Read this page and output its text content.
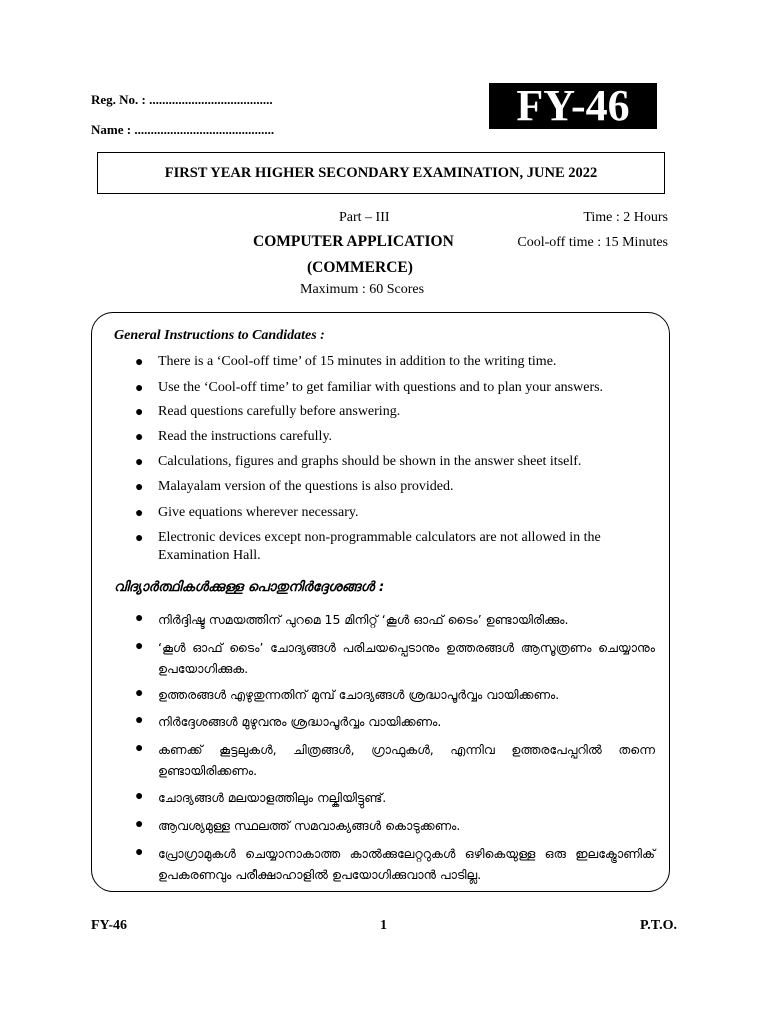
Reg. No. : ......................................
Name : ...........................................	FY-46
FIRST YEAR HIGHER SECONDARY EXAMINATION, JUNE 2022
Part – III	Time : 2 Hours
COMPUTER APPLICATION	Cool-off time : 15 Minutes
(COMMERCE)
Maximum : 60 Scores
General Instructions to Candidates :
● There is a ‘Cool-off time’ of 15 minutes in addition to the writing time.
● Use the ‘Cool-off time’ to get familiar with questions and to plan your answers.
● Read questions carefully before answering.
● Read the instructions carefully.
● Calculations, figures and graphs should be shown in the answer sheet itself.
● Malayalam version of the questions is also provided.
● Give equations wherever necessary.
● Electronic devices except non-programmable calculators are not allowed in the Examination Hall.
വിദ്യാർത്ഥികൾക്കുള്ള പൊതുനിർദ്ദേശങ്ങൾ :
● നിർദ്ദിഷ്ട സമയത്തിന് പുറമെ 15 മിനിറ്റ് ‘കൂൾ ഓഫ് ടൈം’ ഉണ്ടായിരിക്കും.
● ‘കൂൾ ഓഫ് ടൈം’ ചോദ്യങ്ങൾ പരിചയപ്പെടാനും ഉത്തരങ്ങൾ ആസൂത്രണം ചെയ്യാനും ഉപയോഗിക്കുക.
● ഉത്തരങ്ങൾ എഴുതുന്നതിന് മുമ്പ് ചോദ്യങ്ങൾ ശ്രദ്ധാപൂർവ്വം വായിക്കണം.
● നിർദ്ദേശങ്ങൾ മുഴുവനും ശ്രദ്ധാപൂർവ്വം വായിക്കണം.
● കണക്ക് കൂട്ടലുകൾ, ചിത്രങ്ങൾ, ഗ്രാഫുകൾ, എന്നിവ ഉത്തരപേപ്പറിൽ തന്നെ ഉണ്ടായിരിക്കണം.
● ചോദ്യങ്ങൾ മലയാളത്തിലും നല്കിയിട്ടുണ്ട്.
● ആവശ്യമുള്ള സ്ഥലത്ത് സമവാക്യങ്ങൾ കൊടുക്കണം.
● പ്രോഗ്രാമുകൾ ചെയ്യാനാകാത്ത കാൽക്കുലേറ്ററുകൾ ഒഴികെയുള്ള ഒരു ഇലക്ട്രോണിക് ഉപകരണവും പരീക്ഷാഹാളിൽ ഉപയോഗിക്കുവാൻ പാടില്ല.
FY-46	1	P.T.O.
